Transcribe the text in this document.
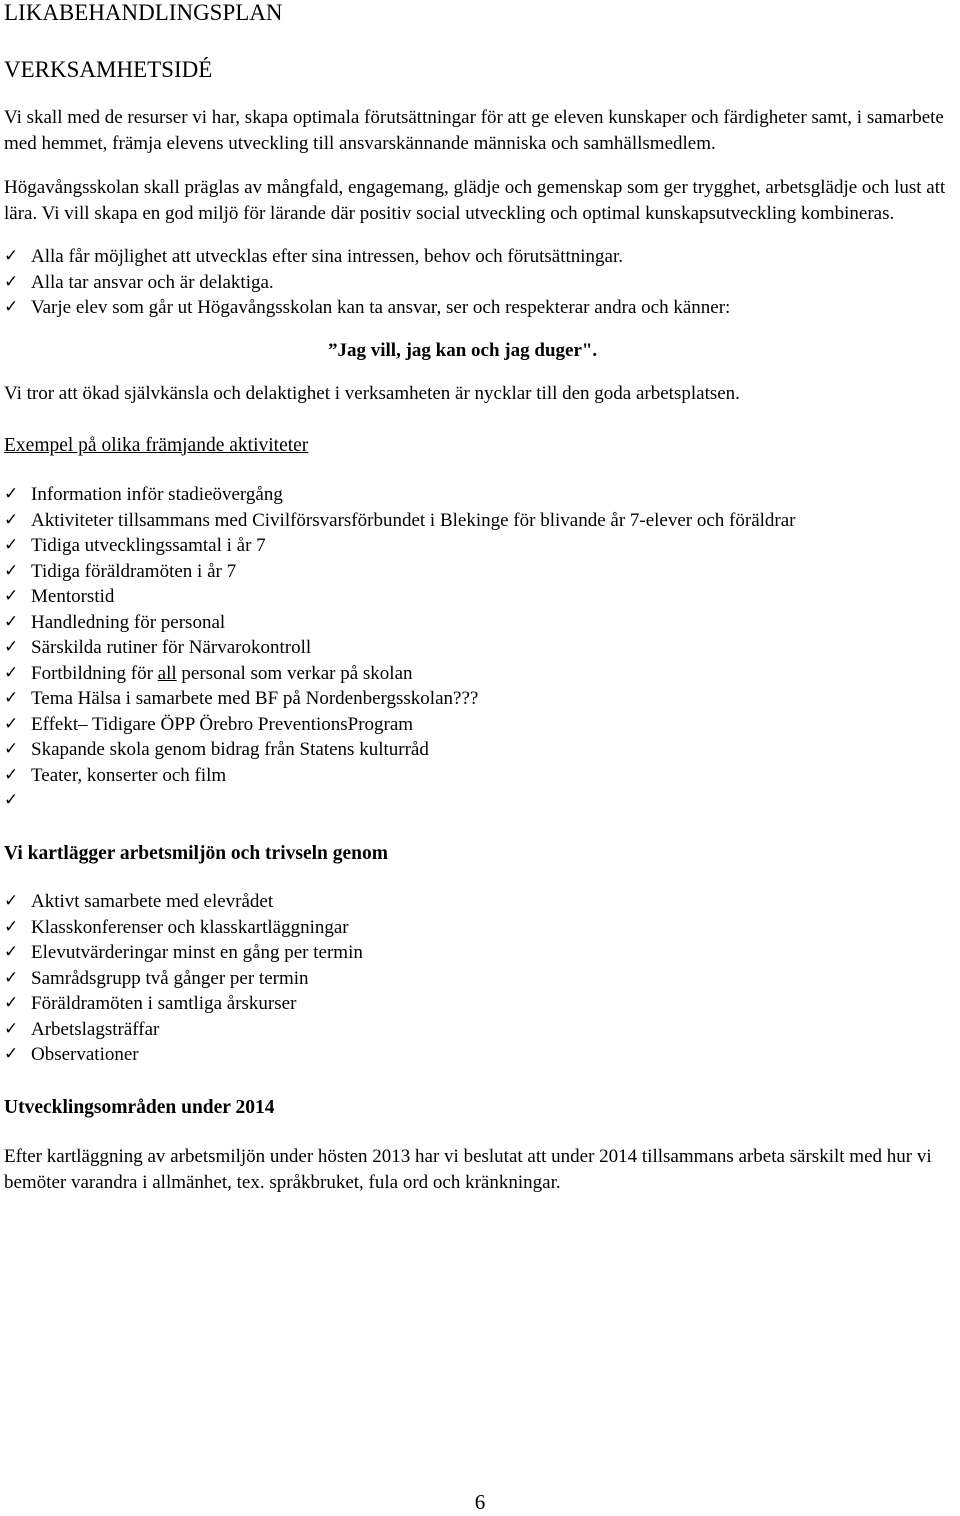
LIKABEHANDLINGSPLAN
VERKSAMHETSIDÉ

Vi skall med de resurser vi har, skapa optimala förutsättningar för att ge eleven kunskaper och färdigheter samt, i samarbete med hemmet, främja elevens utveckling till ansvarskännande människa och samhällsmedlem.

Högavångsskolan skall präglas av mångfald, engagemang, glädje och gemenskap som ger trygghet, arbetsglädje och lust att lära. Vi vill skapa en god miljö för lärande där positiv social utveckling och optimal kunskapsutveckling kombineras.

✓ Alla får möjlighet att utvecklas efter sina intressen, behov och förutsättningar.
✓ Alla tar ansvar och är delaktiga.
✓ Varje elev som går ut Högavångsskolan kan ta ansvar, ser och respekterar andra och känner:

”Jag vill, jag kan och jag duger".

Vi tror att ökad självkänsla och delaktighet i verksamheten är nycklar till den goda arbetsplatsen.

Exempel på olika främjande aktiviteter

✓ Information inför stadieövergång
✓ Aktiviteter tillsammans med Civilförsvarsförbundet i Blekinge för blivande år 7-elever och föräldrar
✓ Tidiga utvecklingssamtal i år 7
✓ Tidiga föräldramöten i år 7
✓ Mentorstid
✓ Handledning för personal
✓ Särskilda rutiner för Närvarokontroll
✓ Fortbildning för all personal som verkar på skolan
✓ Tema Hälsa i samarbete med BF på Nordenbergsskolan???
✓ Effekt– Tidigare ÖPP Örebro PreventionsProgram
✓ Skapande skola genom bidrag från Statens kulturråd
✓ Teater, konserter och film
✓

Vi kartlägger arbetsmiljön och trivseln genom

✓ Aktivt samarbete med elevrådet
✓ Klasskonferenser och klasskartläggningar
✓ Elevutvärderingar minst en gång per termin
✓ Samrådsgrupp två gånger per termin
✓ Föräldramöten i samtliga årskurser
✓ Arbetslagsträffar
✓ Observationer

Utvecklingsområden under 2014

Efter kartläggning av arbetsmiljön under hösten 2013 har vi beslutat att under 2014 tillsammans arbeta särskilt med hur vi bemöter varandra i allmänhet, tex. språkbruket, fula ord och kränkningar.

6
